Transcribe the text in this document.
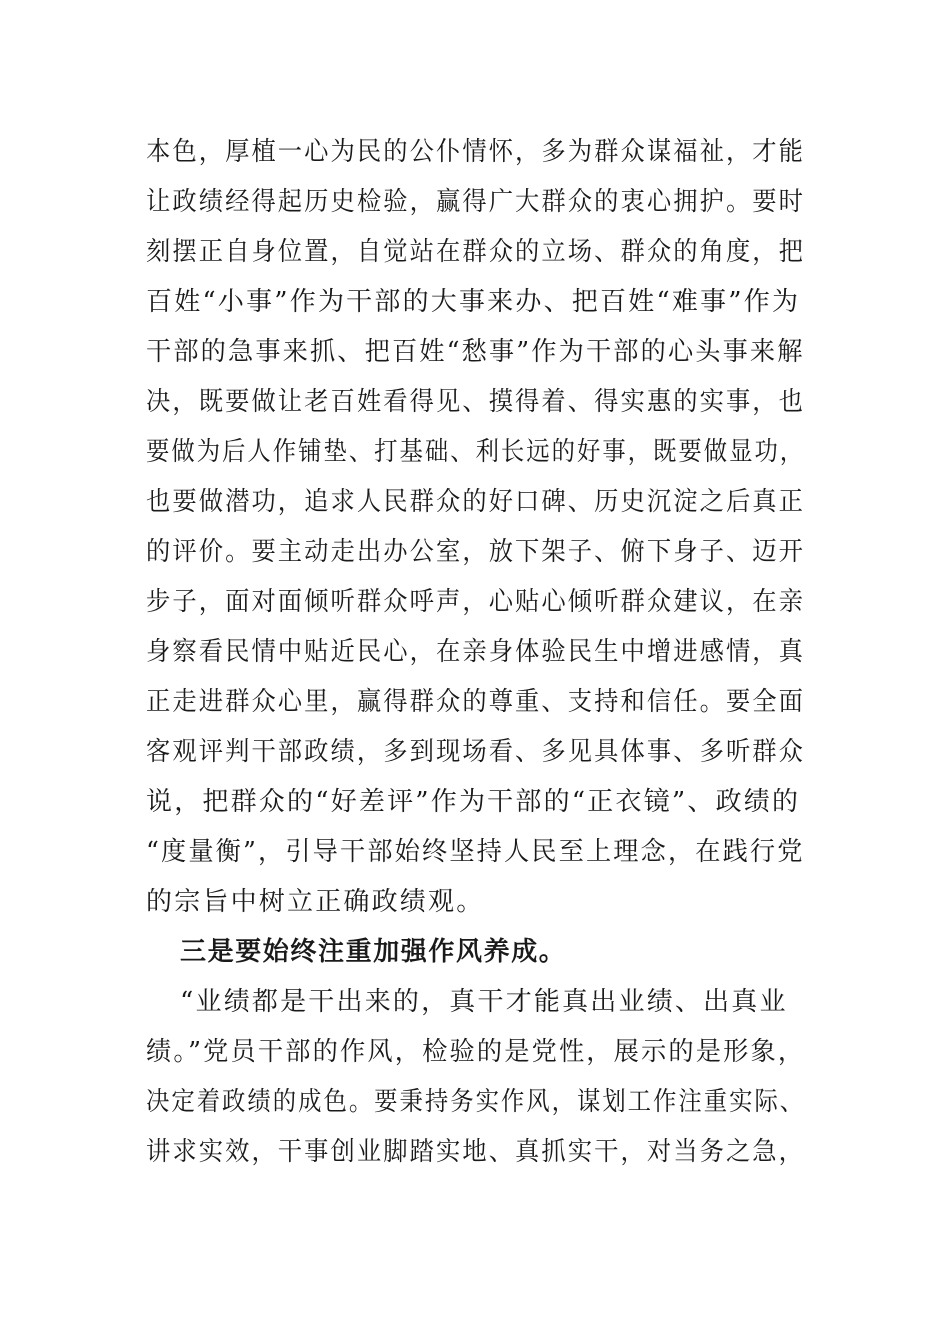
本色，厚植一心为民的公仆情怀，多为群众谋福祉，才能
让政绩经得起历史检验，赢得广大群众的衷心拥护。要时
刻摆正自身位置，自觉站在群众的立场、群众的角度，把
百姓“小事”作为干部的大事来办、把百姓“难事”作为
干部的急事来抓、把百姓“愁事”作为干部的心头事来解
决，既要做让老百姓看得见、摸得着、得实惠的实事，也
要做为后人作铺垫、打基础、利长远的好事，既要做显功，
也要做潜功，追求人民群众的好口碑、历史沉淀之后真正
的评价。要主动走出办公室，放下架子、俯下身子、迈开
步子，面对面倾听群众呼声，心贴心倾听群众建议，在亲
身察看民情中贴近民心，在亲身体验民生中增进感情，真
正走进群众心里，赢得群众的尊重、支持和信任。要全面
客观评判干部政绩，多到现场看、多见具体事、多听群众
说，把群众的“好差评”作为干部的“正衣镜”、政绩的
“度量衡”，引导干部始终坚持人民至上理念，在践行党
的宗旨中树立正确政绩观。
三是要始终注重加强作风养成。
“业绩都是干出来的，真干才能真出业绩、出真业
绩。”党员干部的作风，检验的是党性，展示的是形象，
决定着政绩的成色。要秉持务实作风，谋划工作注重实际、
讲求实效，干事创业脚踏实地、真抓实干，对当务之急，
